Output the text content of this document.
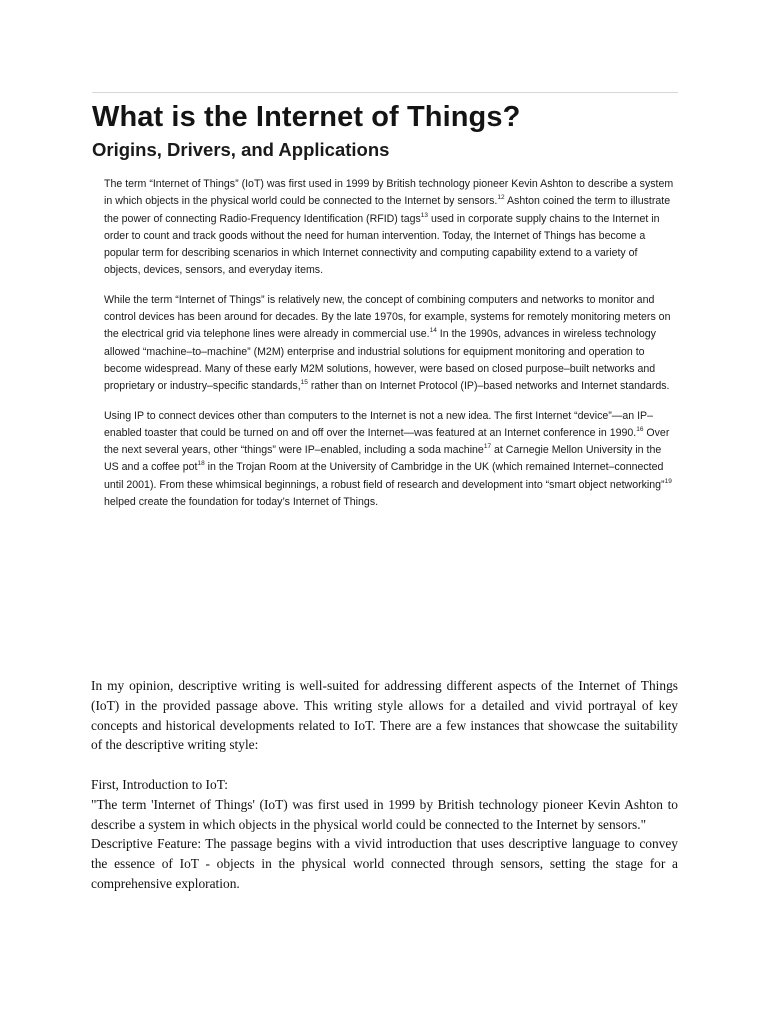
What is the Internet of Things?
Origins, Drivers, and Applications

The term “Internet of Things” (IoT) was first used in 1999 by British technology pioneer Kevin Ashton to describe a system in which objects in the physical world could be connected to the Internet by sensors.$^{12}$ Ashton coined the term to illustrate the power of connecting Radio-Frequency Identification (RFID) tags$^{13}$ used in corporate supply chains to the Internet in order to count and track goods without the need for human intervention. Today, the Internet of Things has become a popular term for describing scenarios in which Internet connectivity and computing capability extend to a variety of objects, devices, sensors, and everyday items.

While the term “Internet of Things” is relatively new, the concept of combining computers and networks to monitor and control devices has been around for decades. By the late 1970s, for example, systems for remotely monitoring meters on the electrical grid via telephone lines were already in commercial use.$^{14}$ In the 1990s, advances in wireless technology allowed “machine–to–machine” (M2M) enterprise and industrial solutions for equipment monitoring and operation to become widespread. Many of these early M2M solutions, however, were based on closed purpose–built networks and proprietary or industry–specific standards,$^{15}$ rather than on Internet Protocol (IP)–based networks and Internet standards.

Using IP to connect devices other than computers to the Internet is not a new idea. The first Internet “device”—an IP–enabled toaster that could be turned on and off over the Internet—was featured at an Internet conference in 1990.16 Over the next several years, other “things” were IP–enabled, including a soda machine$^{17}$ at Carnegie Mellon University in the US and a coffee pot$^{18}$ in the Trojan Room at the University of Cambridge in the UK (which remained Internet–connected until 2001). From these whimsical beginnings, a robust field of research and development into “smart object networking”$^{19}$ helped create the foundation for today’s Internet of Things.

In my opinion, descriptive writing is well-suited for addressing different aspects of the Internet of Things (IoT) in the provided passage above. This writing style allows for a detailed and vivid portrayal of key concepts and historical developments related to IoT. There are a few instances that showcase the suitability of the descriptive writing style:

First, Introduction to IoT:

"The term 'Internet of Things' (IoT) was first used in 1999 by British technology pioneer Kevin Ashton to describe a system in which objects in the physical world could be connected to the Internet by sensors."

Descriptive Feature: The passage begins with a vivid introduction that uses descriptive language to convey the essence of IoT - objects in the physical world connected through sensors, setting the stage for a comprehensive exploration.
